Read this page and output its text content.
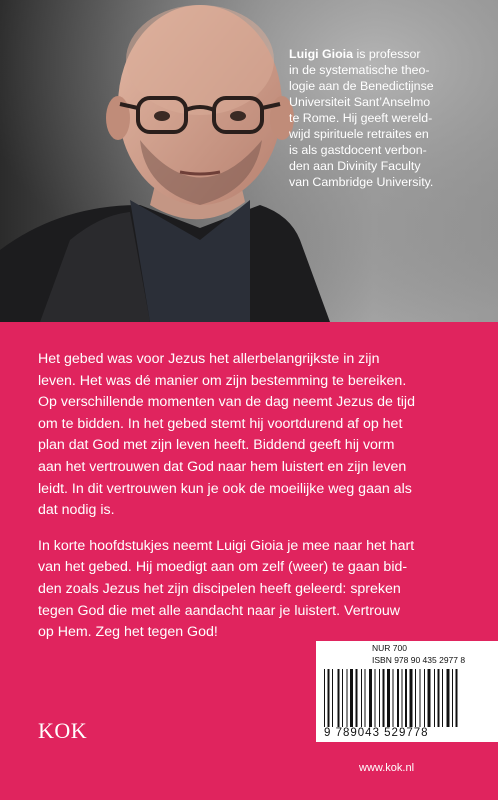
Luigi Gioia is professor
in de systematische theo-
logie aan de Benedictijnse
Universiteit Sant’Anselmo
te Rome. Hij geeft wereld-
wijd spirituele retraites en
is als gastdocent verbon-
den aan Divinity Faculty
van Cambridge University.

Het gebed was voor Jezus het allerbelangrijkste in zijn
leven. Het was dé manier om zijn bestemming te bereiken.
Op verschillende momenten van de dag neemt Jezus de tijd
om te bidden. In het gebed stemt hij voortdurend af op het
plan dat God met zijn leven heeft. Biddend geeft hij vorm
aan het vertrouwen dat God naar hem luistert en zijn leven
leidt. In dit vertrouwen kun je ook de moeilijke weg gaan als
dat nodig is.

In korte hoofdstukjes neemt Luigi Gioia je mee naar het hart
van het gebed. Hij moedigt aan om zelf (weer) te gaan bid-
den zoals Jezus het zijn discipelen heeft geleerd: spreken
tegen God die met alle aandacht naar je luistert. Vertrouw
op Hem. Zeg het tegen God!

NUR 700
ISBN 978 90 435 2977 8
9 789043 529778
KOK
www.kok.nl
